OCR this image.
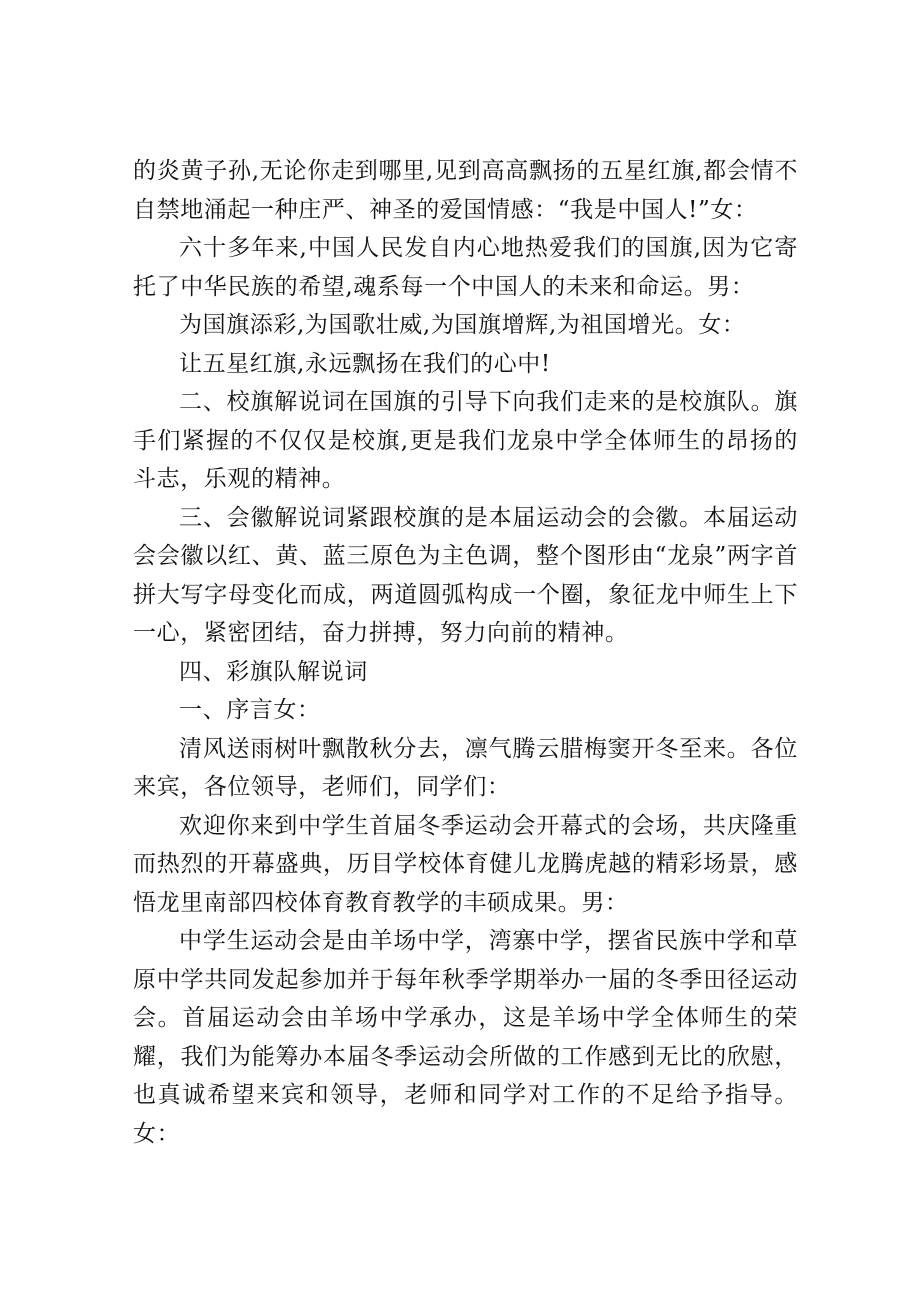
的炎黄子孙,无论你走到哪里,见到高高飘扬的五星红旗,都会情不自禁地涌起一种庄严、神圣的爱国情感：“我是中国人!”女：

六十多年来,中国人民发自内心地热爱我们的国旗,因为它寄托了中华民族的希望,魂系每一个中国人的未来和命运。男：

为国旗添彩,为国歌壮威,为国旗增辉,为祖国增光。女：

让五星红旗,永远飘扬在我们的心中!

二、校旗解说词在国旗的引导下向我们走来的是校旗队。旗手们紧握的不仅仅是校旗,更是我们龙泉中学全体师生的昂扬的斗志，乐观的精神。

三、会徽解说词紧跟校旗的是本届运动会的会徽。本届运动会会徽以红、黄、蓝三原色为主色调，整个图形由“龙泉”两字首拼大写字母变化而成，两道圆弧构成一个圈，象征龙中师生上下一心，紧密团结，奋力拼搏，努力向前的精神。

四、彩旗队解说词

一、序言女：

清风送雨树叶飘散秋分去，凛气腾云腊梅窦开冬至来。各位来宾，各位领导，老师们，同学们：

欢迎你来到中学生首届冬季运动会开幕式的会场，共庆隆重而热烈的开幕盛典，历目学校体育健儿龙腾虎越的精彩场景，感悟龙里南部四校体育教育教学的丰硕成果。男：

中学生运动会是由羊场中学，湾寨中学，摆省民族中学和草原中学共同发起参加并于每年秋季学期举办一届的冬季田径运动会。首届运动会由羊场中学承办，这是羊场中学全体师生的荣耀，我们为能筹办本届冬季运动会所做的工作感到无比的欣慰，也真诚希望来宾和领导，老师和同学对工作的不足给予指导。女：
